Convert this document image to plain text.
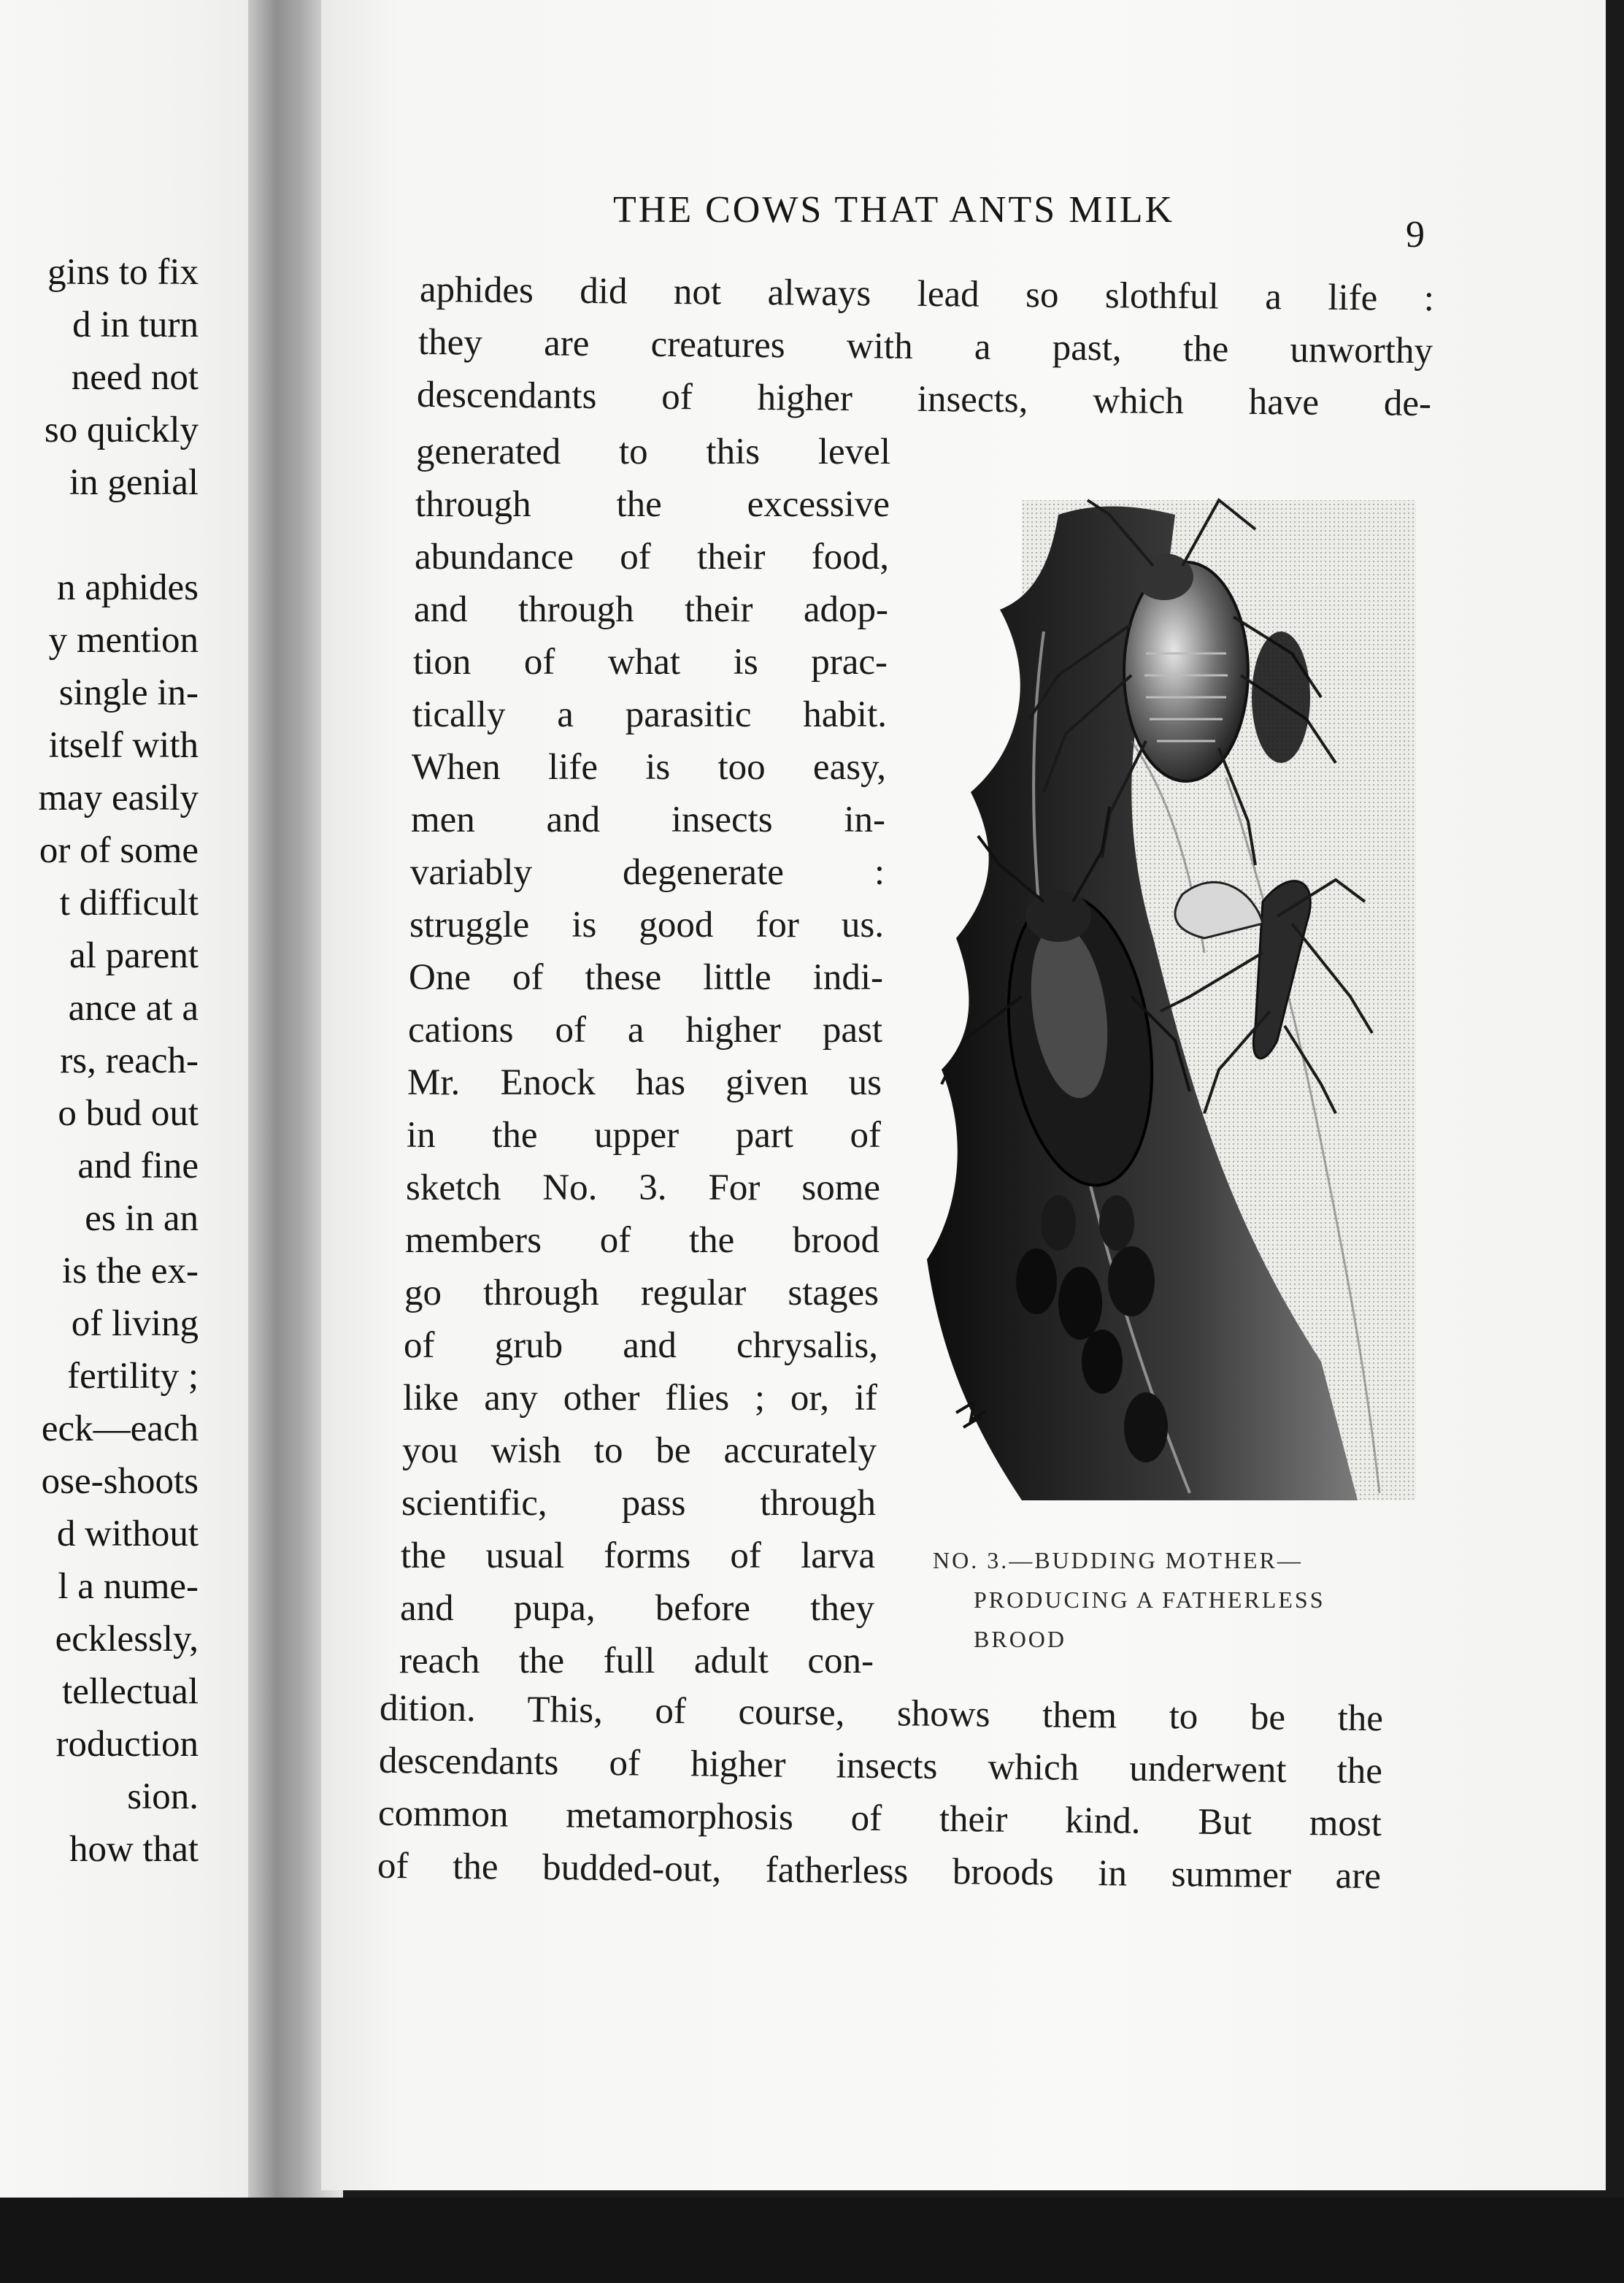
gins to fix
d in turn
need not
so quickly
in genial
n aphides
y mention
single in-
itself with
may easily
or of some
t difficult
al parent
ance at a
rs, reach-
o bud out
and fine
es in an
is the ex-
of living
fertility ;
eck—each
ose-shoots
d without
l a nume-
ecklessly,
tellectual
roduction
sion.
how that
THE COWS THAT ANTS MILK
9
aphides did not always lead so slothful a life :
they are creatures with a past, the unworthy
descendants of higher insects, which have de-
generated to this level
through the excessive
abundance of their food,
and through their adop-
tion of what is prac-
tically a parasitic habit.
When life is too easy,
men and insects in-
variably degenerate :
struggle is good for us.
One of these little indi-
cations of a higher past
Mr. Enock has given us
in the upper part of
sketch No. 3. For some
members of the brood
go through regular stages
of grub and chrysalis,
like any other flies ; or, if
you wish to be accurately
scientific, pass through
the usual forms of larva
and pupa, before they
reach the full adult con-
dition. This, of course, shows them to be the
descendants of higher insects which underwent the
common metamorphosis of their kind. But most
of the budded-out, fatherless broods in summer are
NO. 3.—BUDDING MOTHER—
PRODUCING A FATHERLESS
BROOD
